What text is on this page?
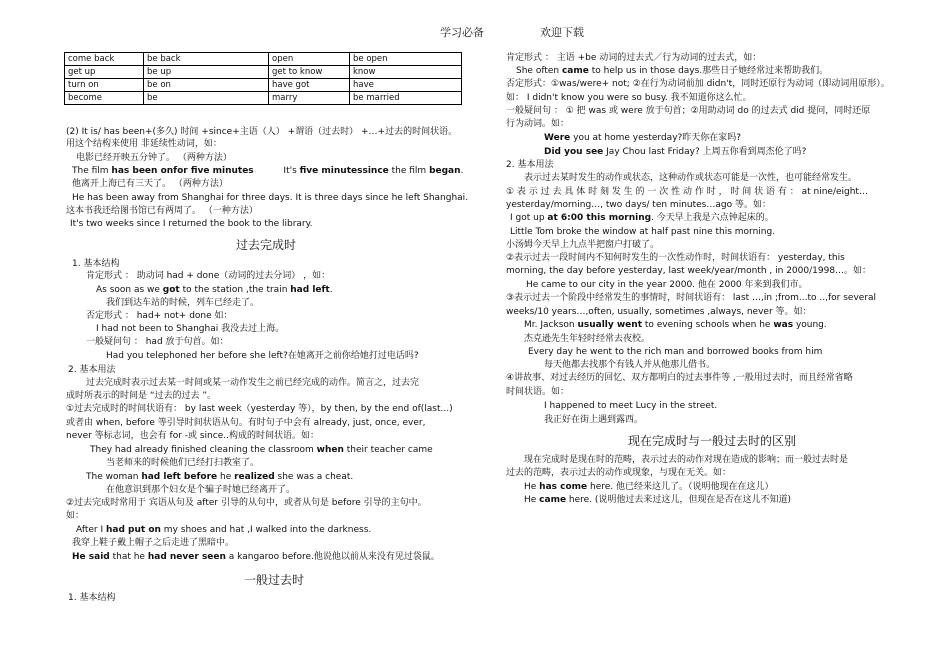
学习必备	欢迎下载
come back	be back	open	be open
get up	be up	get to know	know
turn on	be on	have got	have
become	be	marry	be married
(2) It is/ has been+(多久) 时间 +since+主语（人） +谓语（过去时） +…+过去的时间状语。
用这个结构来使用 非延续性动词，如：
电影已经开映五分钟了。 （两种方法）
The film has been onfor five minutes	It's five minutessince the film began.
他离开上海已有三天了。 （两种方法）
He has been away from Shanghai for three days. It is three days since he left Shanghai.
这本书我还给图书馆已有两周了。 （一种方法）
It's two weeks since I returned the book to the library.
过去完成时
1. 基本结构
肯定形式 ： 助动词 had + done（动词的过去分词） ，如：
As soon as we got to the station ,the train had left.
我们到达车站的时候，列车已经走了。
否定形式 ： had+ not+ done 如：
I had not been to Shanghai 我没去过上海。
一般疑问句 ： had 放于句首。如：
Had you telephoned her before she left?在她离开之前你给她打过电话吗?
2. 基本用法
过去完成时表示过去某一时间或某一动作发生之前已经完成的动作。简言之，过去完
成时所表示的时间是 “过去的过去 ”。
①过去完成时的时间状语有： by last week（yesterday 等），by then, by the end of(last...)
或者由 when, before 等引导时间状语从句。有时句子中会有 already, just, once, ever,
never 等标志词，也会有 for -或 since..构成的时间状语。如：
They had already finished cleaning the classroom when their teacher came
当老师来的时候他们已经打扫教室了。
The woman had left before he realized she was a cheat.
在他意识到那个妇女是个骗子时她已经离开了。
②过去完成时常用于 宾语从句及 after 引导的从句中，或者从句是 before 引导的主句中。
如：
After I had put on my shoes and hat ,I walked into the darkness.
我穿上鞋子戴上帽子之后走进了黑暗中。
He said that he had never seen a kangaroo before.他说他以前从来没有见过袋鼠。
一般过去时
1. 基本结构
肯定形式 ： 主语 +be 动词的过去式／行为动词的过去式，如：
She often came to help us in those days.那些日子她经常过来帮助我们。
否定形式：①was/were+ not; ②在行为动词前加 didn't，同时还原行为动词（即动词用原形）。
如： I didn't know you were so busy. 我不知道你这么忙。
一般疑问句 ： ① 把 was 或 were 放于句首；②用助动词 do 的过去式 did 提问，同时还原
行为动词。如：
Were you at home yesterday?昨天你在家吗?
Did you see Jay Chou last Friday? 上周五你看到周杰伦了吗?
2. 基本用法
表示过去某时发生的动作或状态，这种动作或状态可能是一次性，也可能经常发生。
① 表 示 过 去 具 体 时 刻 发 生 的 一 次 性 动 作 时 ， 时 间 状 语 有 ： at nine/eight…
yesterday/morning…, two days/ ten minutes…ago 等。如：
I got up at 6:00 this morning. 今天早上我是六点钟起床的。
Little Tom broke the window at half past nine this morning.
小汤姆今天早上九点半把窗户打破了。
②表示过去一段时间内不知何时发生的一次性动作时，时间状语有： yesterday, this
morning, the day before yesterday, last week/year/month , in 2000/1998…。如：
He came to our city in the year 2000. 他在 2000 年来到我们市。
③表示过去一个阶段中经常发生的事情时，时间状语有： last …,in ;from...to ..,for several
weeks/10 years…,often, usually, sometimes ,always, never 等。如：
Mr. Jackson usually went to evening schools when he was young.
杰克逊先生年轻时经常去夜校。
Every day he went to the rich man and borrowed books from him
每天他都去找那个有钱人并从他那儿借书。
④讲故事、对过去经历的回忆、双方都明白的过去事件等 ,一般用过去时，而且经常省略
时间状语。如：
I happened to meet Lucy in the street.
我正好在街上遇到露西。
现在完成时与一般过去时的区别
现在完成时是现在时的范畴，表示过去的动作对现在造成的影响；而一般过去时是
过去的范畴，表示过去的动作或现象，与现在无关。如：
He has come here. 他已经来这儿了。（说明他现在在这儿）
He came here. (说明他过去来过这儿，但现在是否在这儿不知道)
